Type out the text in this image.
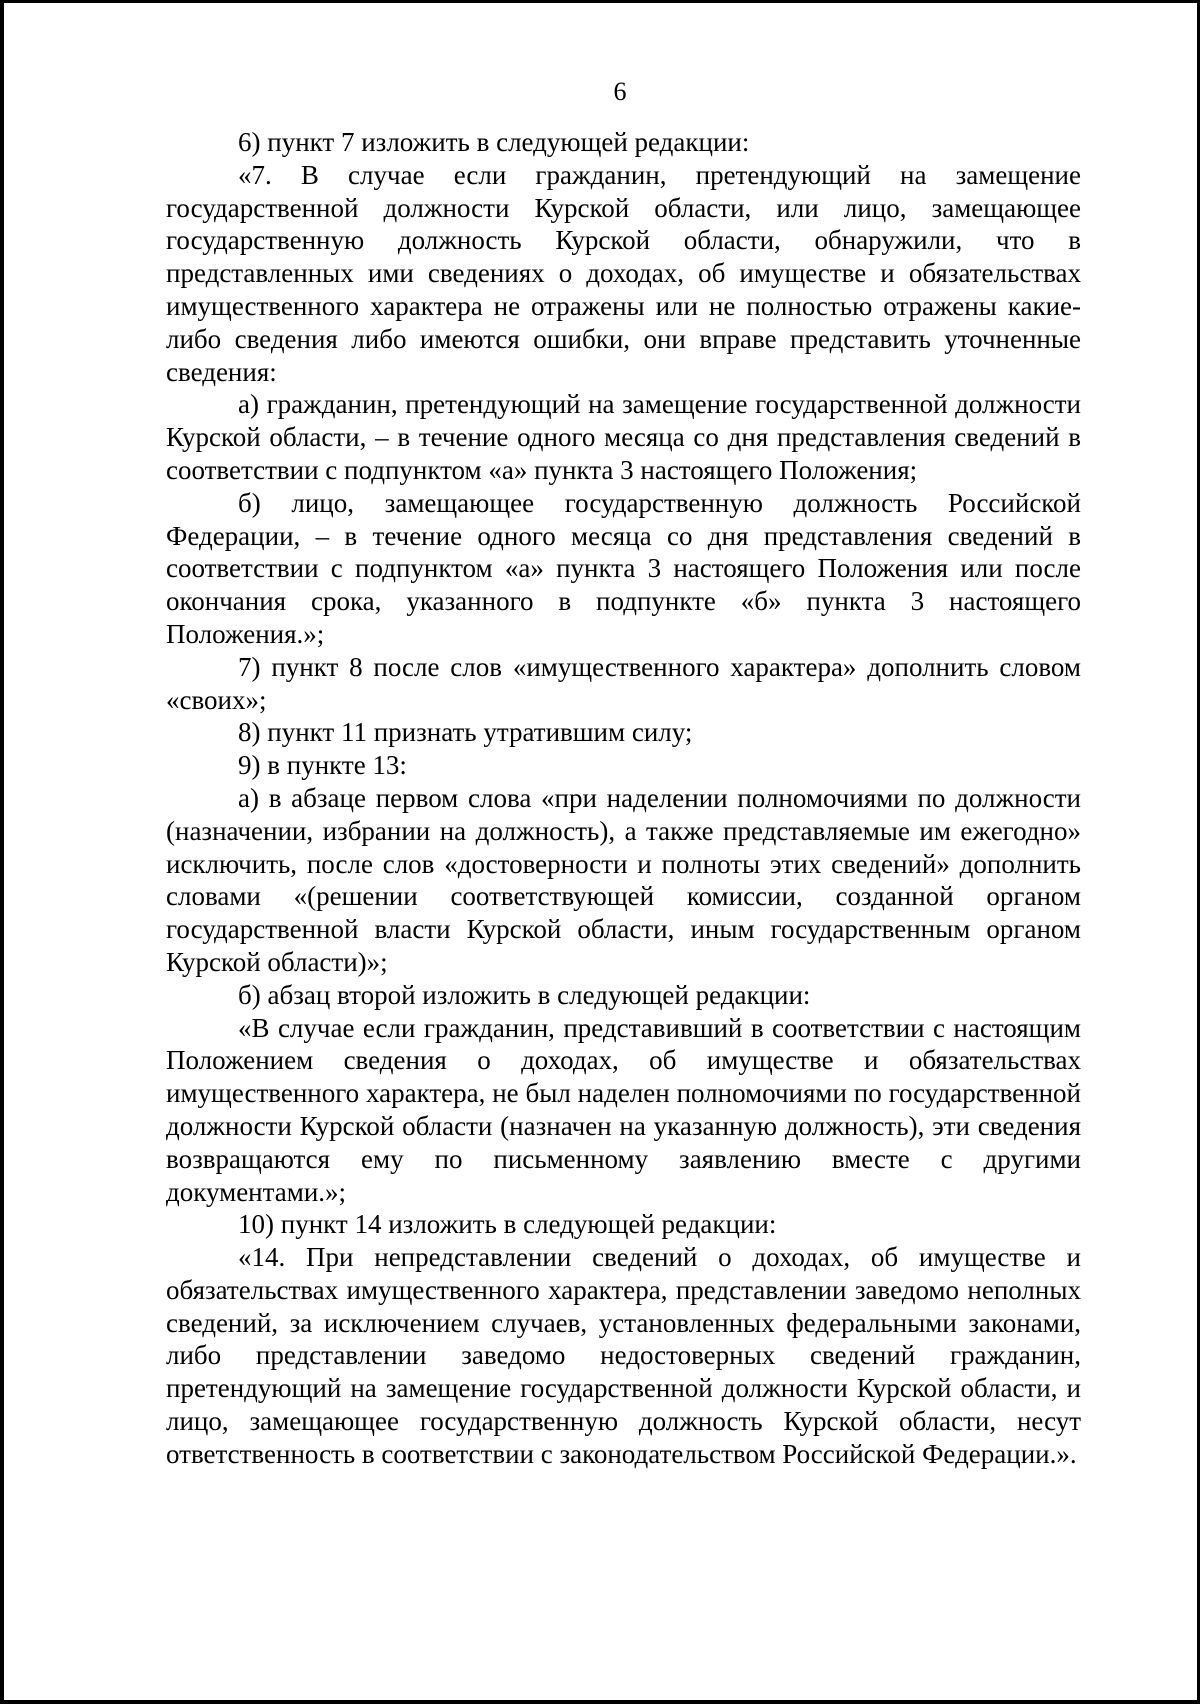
6

6) пункт 7 изложить в следующей редакции:

«7. В случае если гражданин, претендующий на замещение государственной должности Курской области, или лицо, замещающее государственную должность Курской области, обнаружили, что в представленных ими сведениях о доходах, об имуществе и обязательствах имущественного характера не отражены или не полностью отражены какие-либо сведения либо имеются ошибки, они вправе представить уточненные сведения:

а) гражданин, претендующий на замещение государственной должности Курской области, – в течение одного месяца со дня представления сведений в соответствии с подпунктом «а» пункта 3 настоящего Положения;

б) лицо, замещающее государственную должность Российской Федерации, – в течение одного месяца со дня представления сведений в соответствии с подпунктом «а» пункта 3 настоящего Положения или после окончания срока, указанного в подпункте «б» пункта 3 настоящего Положения.»;

7) пункт 8 после слов «имущественного характера» дополнить словом «своих»;

8) пункт 11 признать утратившим силу;

9) в пункте 13:

а) в абзаце первом слова «при наделении полномочиями по должности (назначении, избрании на должность), а также представляемые им ежегодно» исключить, после слов «достоверности и полноты этих сведений» дополнить словами «(решении соответствующей комиссии, созданной органом государственной власти Курской области, иным государственным органом Курской области)»;

б) абзац второй изложить в следующей редакции:

«В случае если гражданин, представивший в соответствии с настоящим Положением сведения о доходах, об имуществе и обязательствах имущественного характера, не был наделен полномочиями по государственной должности Курской области (назначен на указанную должность), эти сведения возвращаются ему по письменному заявлению вместе с другими документами.»;

10) пункт 14 изложить в следующей редакции:

«14. При непредставлении сведений о доходах, об имуществе и обязательствах имущественного характера, представлении заведомо неполных сведений, за исключением случаев, установленных федеральными законами, либо представлении заведомо недостоверных сведений гражданин, претендующий на замещение государственной должности Курской области, и лицо, замещающее государственную должность Курской области, несут ответственность в соответствии с законодательством Российской Федерации.».
